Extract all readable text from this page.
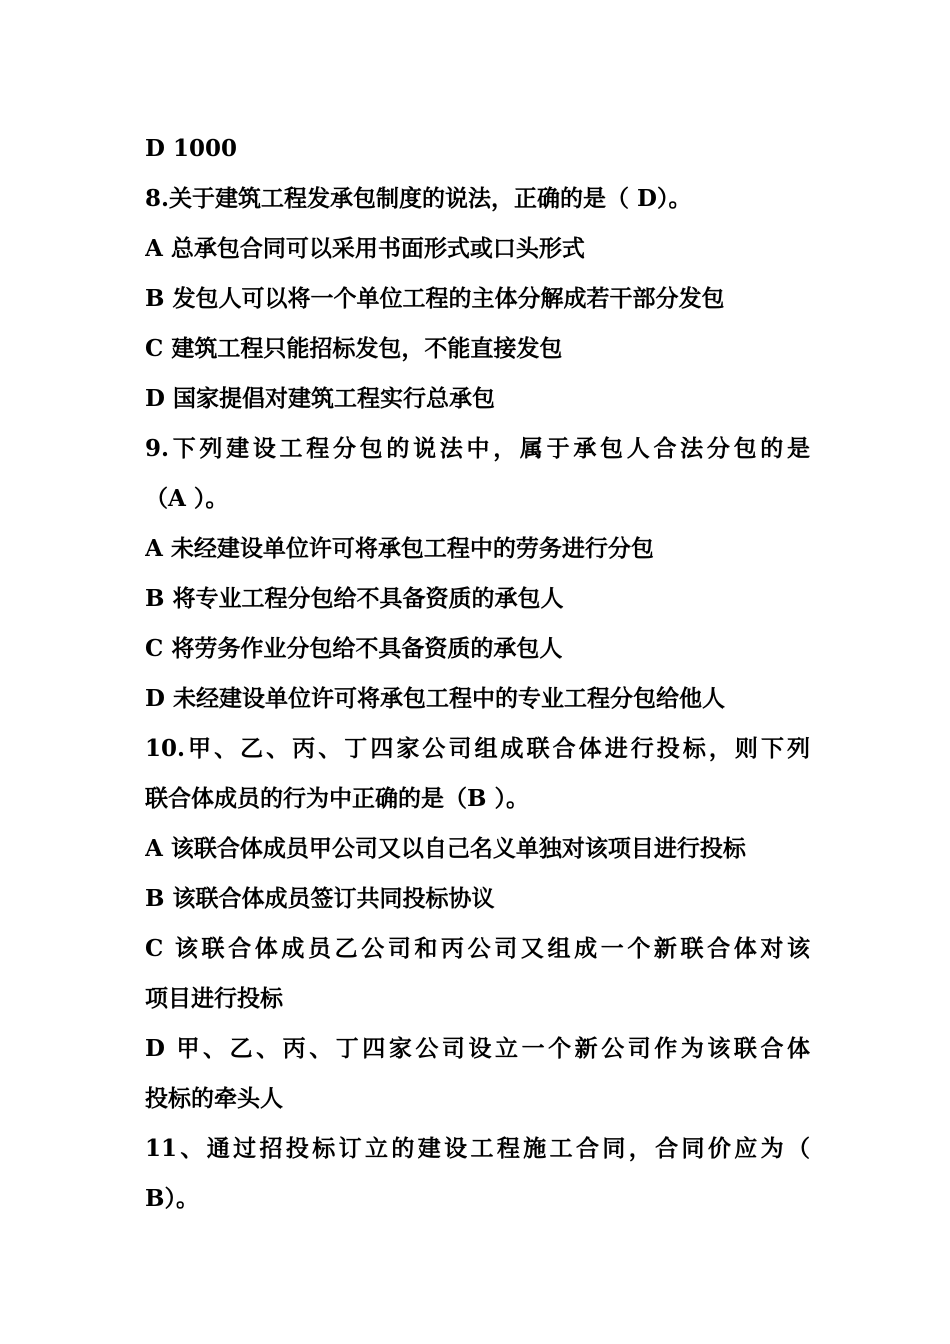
D 1000
8.关于建筑工程发承包制度的说法，正确的是（ D）。
A 总承包合同可以采用书面形式或口头形式
B 发包人可以将一个单位工程的主体分解成若干部分发包
C 建筑工程只能招标发包，不能直接发包
D 国家提倡对建筑工程实行总承包
9.下列建设工程分包的说法中，属于承包人合法分包的是
（A ）。
A 未经建设单位许可将承包工程中的劳务进行分包
B 将专业工程分包给不具备资质的承包人
C 将劳务作业分包给不具备资质的承包人
D 未经建设单位许可将承包工程中的专业工程分包给他人
10.甲、乙、丙、丁四家公司组成联合体进行投标，则下列
联合体成员的行为中正确的是（B ）。
A 该联合体成员甲公司又以自己名义单独对该项目进行投标
B 该联合体成员签订共同投标协议
C 该联合体成员乙公司和丙公司又组成一个新联合体对该
项目进行投标
D 甲、乙、丙、丁四家公司设立一个新公司作为该联合体
投标的牵头人
11、通过招投标订立的建设工程施工合同，合同价应为（
B）。
